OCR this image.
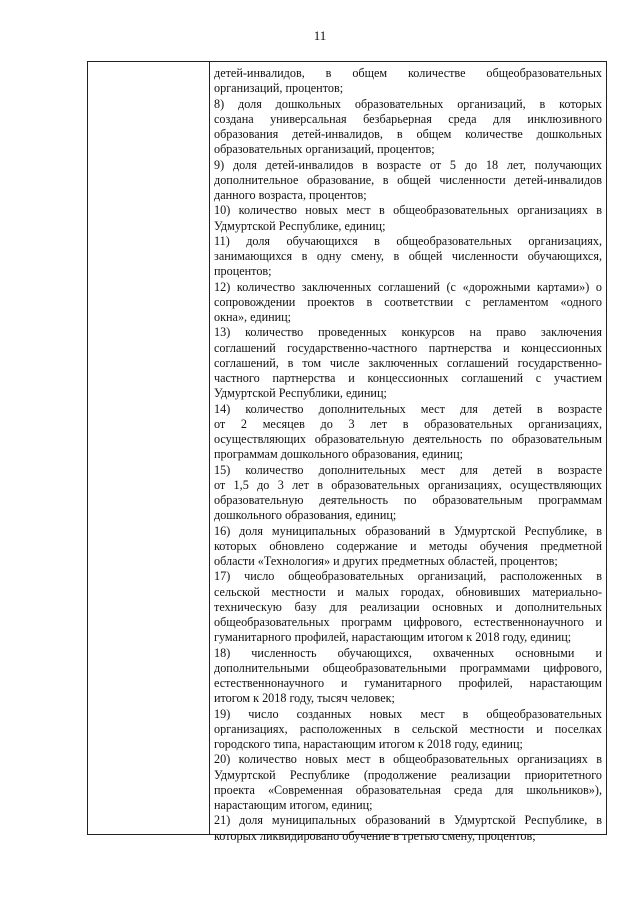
11
детей-инвалидов, в общем количестве общеобразовательных
организаций, процентов;
8) доля дошкольных образовательных организаций, в которых
создана универсальная безбарьерная среда для инклюзивного
образования детей-инвалидов, в общем количестве дошкольных
образовательных организаций, процентов;
9) доля детей-инвалидов в возрасте от 5 до 18 лет, получающих
дополнительное образование, в общей численности детей-инвалидов
данного возраста, процентов;
10) количество новых мест в общеобразовательных организациях в
Удмуртской Республике, единиц;
11) доля обучающихся в общеобразовательных организациях,
занимающихся в одну смену, в общей численности обучающихся,
процентов;
12) количество заключенных соглашений (с «дорожными картами») о
сопровождении проектов в соответствии с регламентом «одного
окна», единиц;
13) количество проведенных конкурсов на право заключения
соглашений государственно-частного партнерства и концессионных
соглашений, в том числе заключенных соглашений государственно-
частного партнерства и концессионных соглашений с участием
Удмуртской Республики, единиц;
14) количество дополнительных мест для детей в возрасте
от 2 месяцев до 3 лет в образовательных организациях,
осуществляющих образовательную деятельность по образовательным
программам дошкольного образования, единиц;
15) количество дополнительных мест для детей в возрасте
от 1,5 до 3 лет в образовательных организациях, осуществляющих
образовательную деятельность по образовательным программам
дошкольного образования, единиц;
16) доля муниципальных образований в Удмуртской Республике, в
которых обновлено содержание и методы обучения предметной
области «Технология» и других предметных областей, процентов;
17) число общеобразовательных организаций, расположенных в
сельской местности и малых городах, обновивших материально-
техническую базу для реализации основных и дополнительных
общеобразовательных программ цифрового, естественнонаучного и
гуманитарного профилей, нарастающим итогом к 2018 году, единиц;
18) численность обучающихся, охваченных основными и
дополнительными общеобразовательными программами цифрового,
естественнонаучного и гуманитарного профилей, нарастающим
итогом к 2018 году, тысяч человек;
19) число созданных новых мест в общеобразовательных
организациях, расположенных в сельской местности и поселках
городского типа, нарастающим итогом к 2018 году, единиц;
20) количество новых мест в общеобразовательных организациях в
Удмуртской Республике (продолжение реализации приоритетного
проекта «Современная образовательная среда для школьников»),
нарастающим итогом, единиц;
21) доля муниципальных образований в Удмуртской Республике, в
которых ликвидировано обучение в третью смену, процентов;
